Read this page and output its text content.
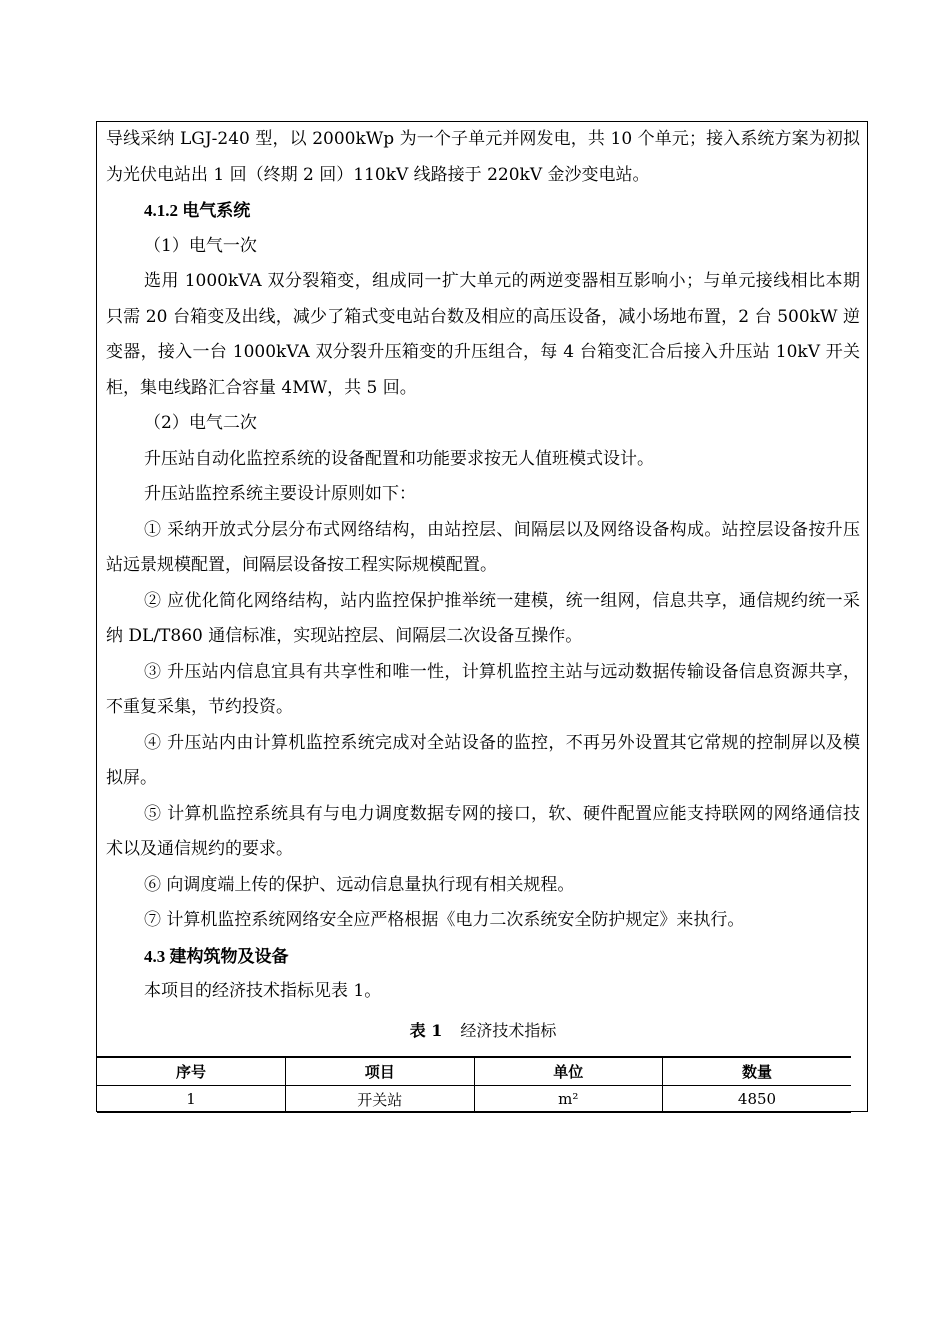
导线采纳 LGJ-240 型，以 2000kWp 为一个子单元并网发电，共 10 个单元；接入系统方案为初拟为光伏电站出 1 回（终期 2 回）110kV 线路接于 220kV 金沙变电站。

4.1.2 电气系统

（1）电气一次

选用 1000kVA 双分裂箱变，组成同一扩大单元的两逆变器相互影响小；与单元接线相比本期只需 20 台箱变及出线，减少了箱式变电站台数及相应的高压设备，减小场地布置，2 台 500kW 逆变器，接入一台 1000kVA 双分裂升压箱变的升压组合，每 4 台箱变汇合后接入升压站 10kV 开关柜，集电线路汇合容量 4MW，共 5 回。

（2）电气二次

升压站自动化监控系统的设备配置和功能要求按无人值班模式设计。

升压站监控系统主要设计原则如下：

① 采纳开放式分层分布式网络结构，由站控层、间隔层以及网络设备构成。站控层设备按升压站远景规模配置，间隔层设备按工程实际规模配置。

② 应优化简化网络结构，站内监控保护推举统一建模，统一组网，信息共享，通信规约统一采纳 DL/T860 通信标准，实现站控层、间隔层二次设备互操作。

③ 升压站内信息宜具有共享性和唯一性，计算机监控主站与远动数据传输设备信息资源共享，不重复采集，节约投资。

④ 升压站内由计算机监控系统完成对全站设备的监控，不再另外设置其它常规的控制屏以及模拟屏。

⑤ 计算机监控系统具有与电力调度数据专网的接口，软、硬件配置应能支持联网的网络通信技术以及通信规约的要求。

⑥ 向调度端上传的保护、远动信息量执行现有相关规程。

⑦ 计算机监控系统网络安全应严格根据《电力二次系统安全防护规定》来执行。

4.3 建构筑物及设备

本项目的经济技术指标见表 1。

表 1 经济技术指标

序号	项目	单位	数量
1	开关站	m²	4850
